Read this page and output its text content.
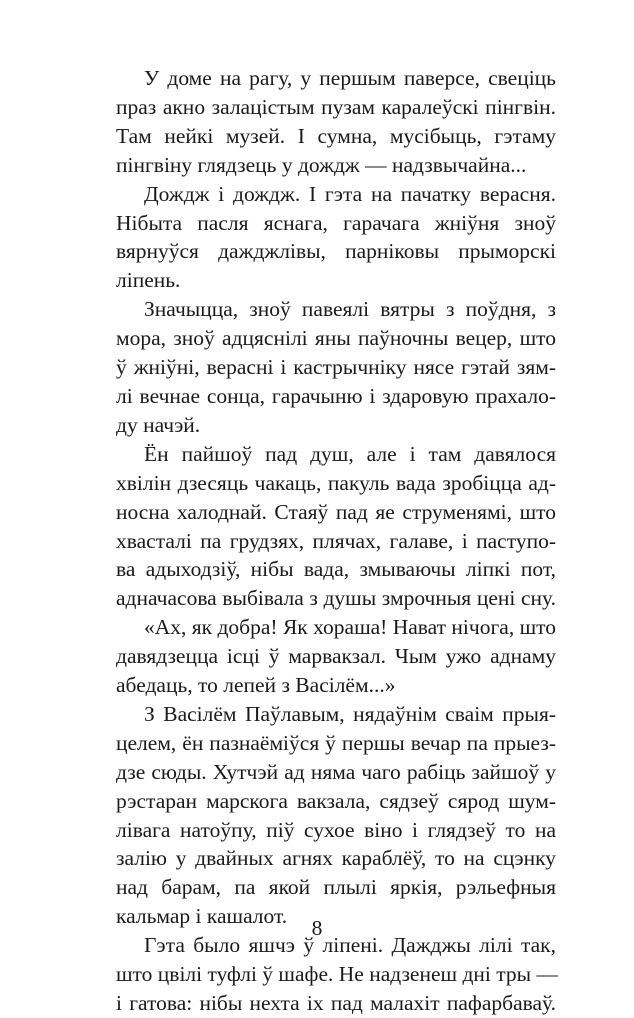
У доме на рагу, у першым паверсе, свеціць
праз акно залацістым пузам каралеўскі пінгвін.
Там нейкі музей. І сумна, мусібыць, гэтаму
пінгвіну глядзець у дождж — надзвычайна...
Дождж і дождж. І гэта на пачатку верасня.
Нібыта пасля яснага, гарачага жніўня зноў
вярнуўся дажджлівы, парніковы прыморскі
ліпень.
Значыцца, зноў павеялі вятры з поўдня, з
мора, зноў адцяснілі яны паўночны вецер, што
ў жніўні, верасні і кастрычніку нясе гэтай зям-
лі вечнае сонца, гарачыню і здаровую прахало-
ду начэй.
Ён пайшоў пад душ, але і там давялося
хвілін дзесяць чакаць, пакуль вада зробіцца ад-
носна халоднай. Стаяў пад яе струменямі, што
хвасталі па грудзях, плячах, галаве, і паступо-
ва адыходзіў, нібы вада, змываючы ліпкі пот,
адначасова выбівала з душы змрочныя цені сну.
«Ах, як добра! Як хораша! Нават нічога, што
давядзецца ісці ў марвакзал. Чым ужо аднаму
абедаць, то лепей з Васілём...»
З Васілём Паўлавым, нядаўнім сваім прыя-
целем, ён пазнаёміўся ў першы вечар па прыез-
дзе сюды. Хутчэй ад няма чаго рабіць зайшоў у
рэстаран марскога вакзала, сядзеў сярод шум-
лівага натоўпу, піў сухое віно і глядзеў то на
залію у двайных агнях караблёў, то на сцэнку
над барам, па якой плылі яркія, рэльефныя
кальмар і кашалот.
Гэта было яшчэ ў ліпені. Дажджы лілі так,
што цвілі туфлі ў шафе. Не надзенеш дні тры —
і гатова: нібы нехта іх пад малахіт пафарбаваў.
8
